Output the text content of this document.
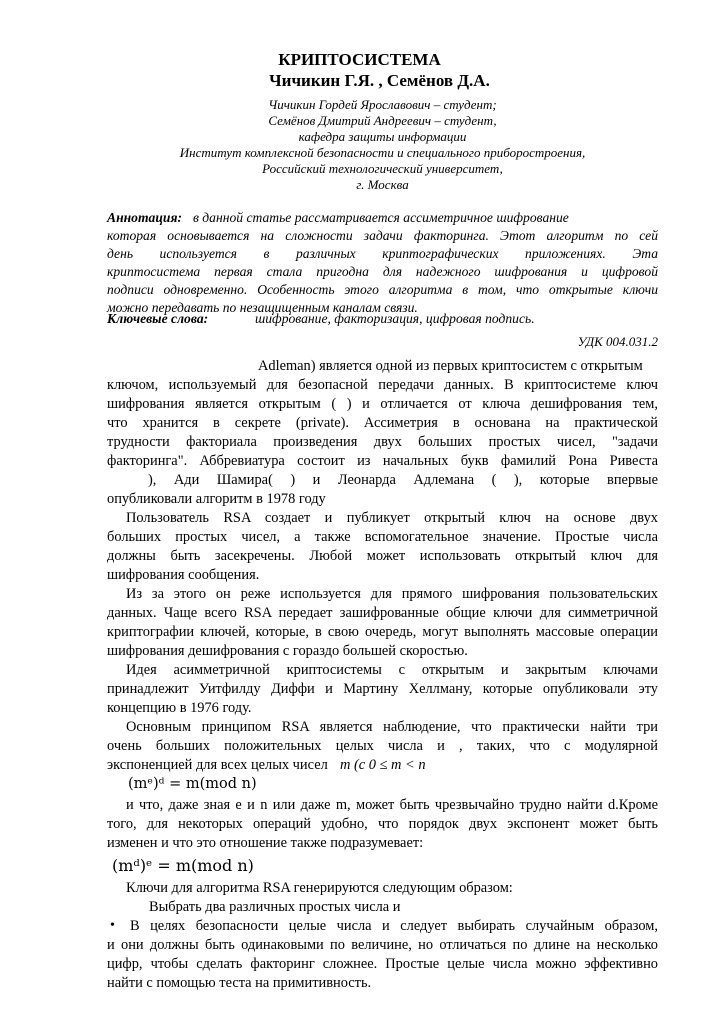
КРИПТОСИСТЕМА
Чичикин Г.Я. , Семёнов Д.А.
Чичикин Гордей Ярославович – студент;
Семёнов Дмитрий Андреевич – студент,
кафедра защиты информации
Институт комплексной безопасности и специального приборостроения,
Российский технологический университет,
г. Москва
Аннотация: в данной статье рассматривается ассиметричное шифрование
которая основывается на сложности задачи факторинга. Этот алгоритм по сей
день используется в различных криптографических приложениях. Эта
криптосистема первая стала пригодна для надежного шифрования и цифровой
подписи одновременно. Особенность этого алгоритма в том, что открытые ключи
можно передавать по незащищенным каналам связи.
Ключевые слова:	шифрование, факторизация, цифровая подпись.
УДК 004.031.2
Adleman) является одной из первых криптосистем с открытым
ключом, используемый для безопасной передачи данных. В криптосистеме ключ
шифрования является открытым ( ) и отличается от ключа дешифрования тем,
что хранится в секрете (private). Ассиметрия в основана на практической
трудности факториала произведения двух больших простых чисел, "задачи
факторинга". Аббревиатура состоит из начальных букв фамилий Рона Ривеста
), Ади Шамира( ) и Леонарда Адлемана ( ), которые впервые
опубликовали алгоритм в 1978 году
Пользователь RSA создает и публикует открытый ключ на основе двух
больших простых чисел, а также вспомогательное значение. Простые числа
должны быть засекречены. Любой может использовать открытый ключ для
шифрования сообщения.
Из за этого он реже используется для прямого шифрования пользовательских
данных. Чаще всего RSA передает зашифрованные общие ключи для симметричной
криптографии ключей, которые, в свою очередь, могут выполнять массовые операции
шифрования дешифрования с гораздо большей скоростью.
Идея асимметричной криптосистемы с открытым и закрытым ключами
принадлежит Уитфилду Диффи и Мартину Хеллману, которые опубликовали эту
концепцию в 1976 году.
Основным принципом RSA является наблюдение, что практически найти три
очень больших положительных целых числа и , таких, что с модулярной
экспоненцией для всех целых чисел m (с 0 ≤ m < n
(mᵉ)ᵈ = m(mod n)
и что, даже зная e и n или даже m, может быть чрезвычайно трудно найти d.Кроме
того, для некоторых операций удобно, что порядок двух экспонент может быть
изменен и что это отношение также подразумевает:
(mᵈ)ᵉ = m(mod n)
Ключи для алгоритма RSA генерируются следующим образом:
Выбрать два различных простых числа и
• В целях безопасности целые числа и следует выбирать случайным образом,
и они должны быть одинаковыми по величине, но отличаться по длине на несколько
цифр, чтобы сделать факторинг сложнее. Простые целые числа можно эффективно
найти с помощью теста на примитивность.
